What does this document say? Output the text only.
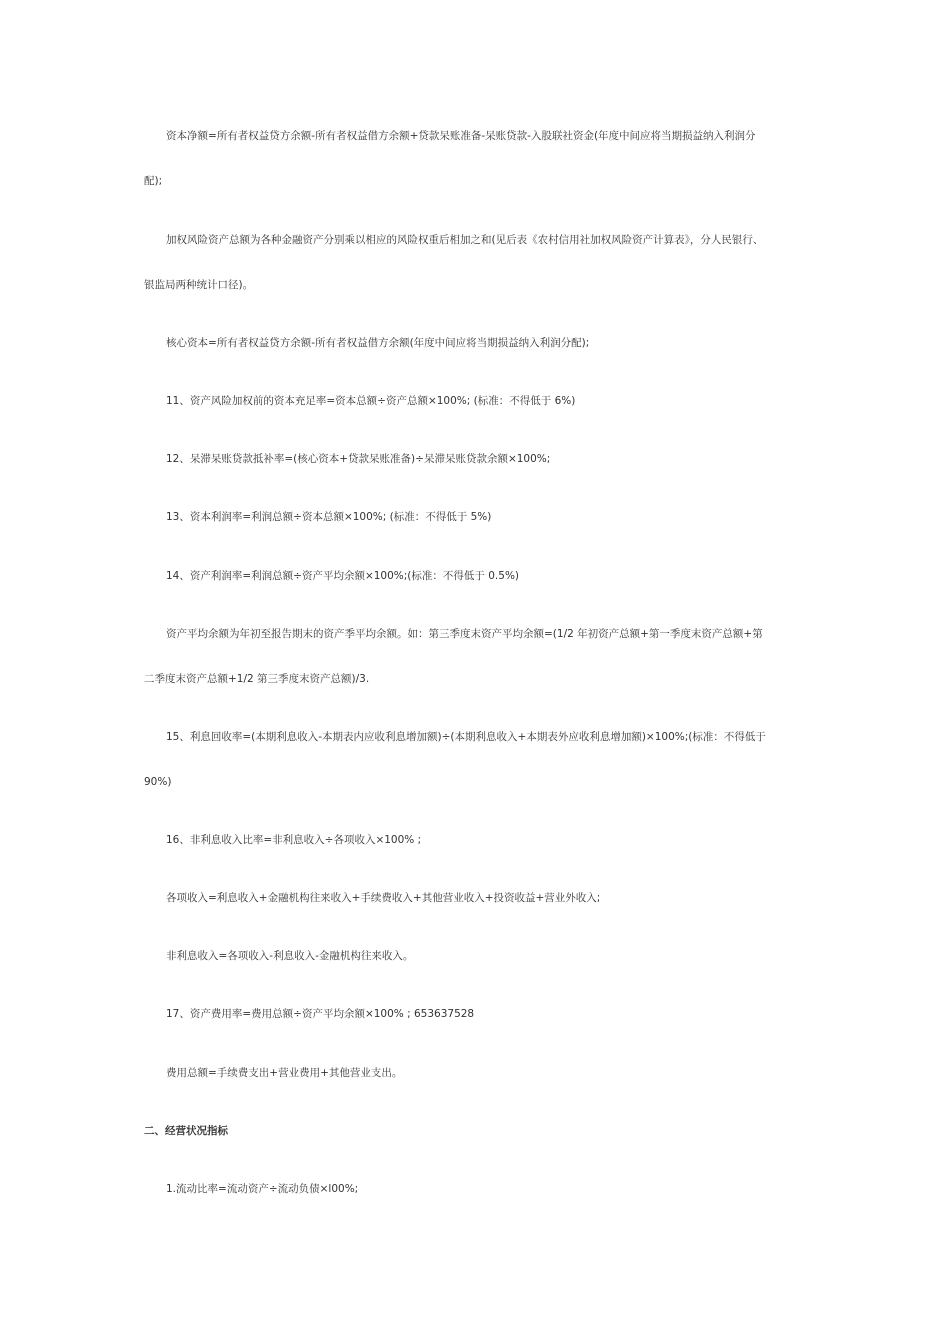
资本净额=所有者权益贷方余额-所有者权益借方余额+贷款呆账准备-呆账贷款-入股联社资金(年度中间应将当期损益纳入利润分
配);
加权风险资产总额为各种金融资产分别乘以相应的风险权重后相加之和(见后表《农村信用社加权风险资产计算表》，分人民银行、
银监局两种统计口径)。
核心资本=所有者权益贷方余额-所有者权益借方余额(年度中间应将当期损益纳入利润分配);
11、资产风险加权前的资本充足率=资本总额÷资产总额×100%; (标准：不得低于 6%)
12、呆滞呆账贷款抵补率=(核心资本+贷款呆账准备)÷呆滞呆账贷款余额×100%;
13、资本利润率=利润总额÷资本总额×100%; (标准：不得低于 5%)
14、资产利润率=利润总额÷资产平均余额×100%;(标准：不得低于 0.5%)
资产平均余额为年初至报告期末的资产季平均余额。如：第三季度末资产平均余额=(1/2 年初资产总额+第一季度末资产总额+第
二季度末资产总额+1/2 第三季度末资产总额)/3.
15、利息回收率=(本期利息收入-本期表内应收利息增加额)÷(本期利息收入+本期表外应收利息增加额)×100%;(标准：不得低于
90%)
16、非利息收入比率=非利息收入÷各项收入×100% ;
各项收入=利息收入+金融机构往来收入+手续费收入+其他营业收入+投资收益+营业外收入;
非利息收入=各项收入-利息收入-金融机构往来收入。
17、资产费用率=费用总额÷资产平均余额×100% ; 653637528
费用总额=手续费支出+营业费用+其他营业支出。
二、经营状况指标
1.流动比率=流动资产÷流动负债×l00%;
